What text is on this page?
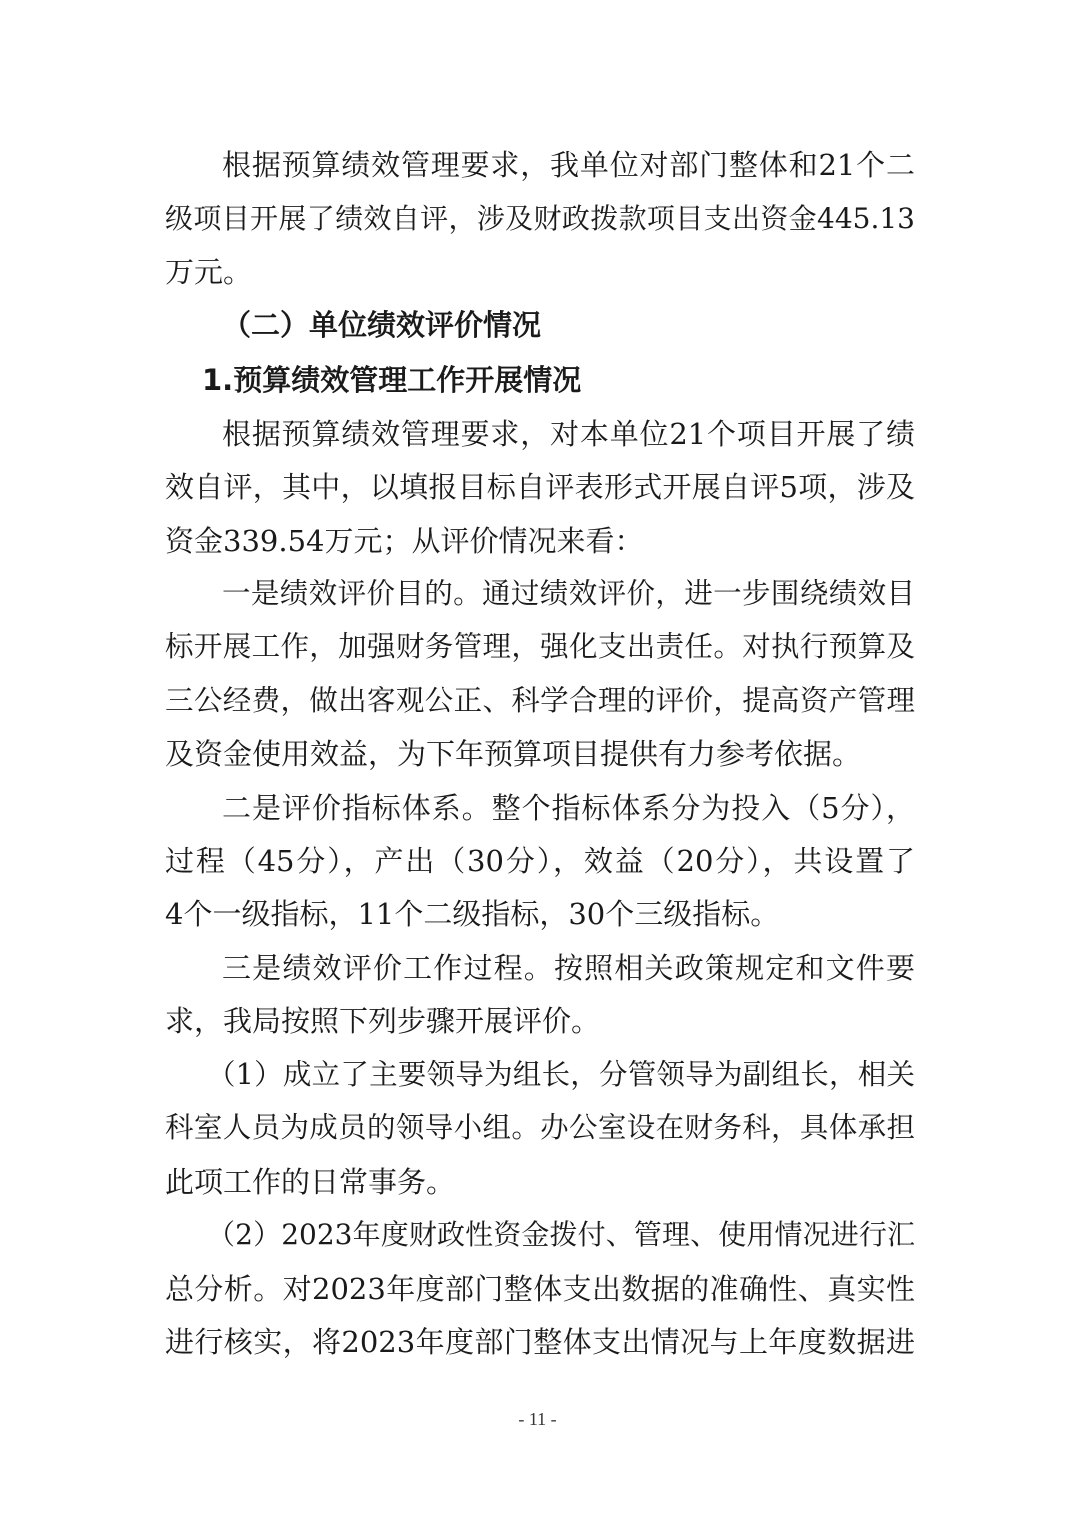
根据预算绩效管理要求，我单位对部门整体和21个二
级项目开展了绩效自评，涉及财政拨款项目支出资金445.13
万元。
（二）单位绩效评价情况
1.预算绩效管理工作开展情况
根据预算绩效管理要求，对本单位21个项目开展了绩
效自评，其中，以填报目标自评表形式开展自评5项，涉及
资金339.54万元；从评价情况来看：
一是绩效评价目的。通过绩效评价，进一步围绕绩效目
标开展工作，加强财务管理，强化支出责任。对执行预算及
三公经费，做出客观公正、科学合理的评价，提高资产管理
及资金使用效益，为下年预算项目提供有力参考依据。
二是评价指标体系。整个指标体系分为投入（5分），
过程（45分），产出（30分），效益（20分），共设置了
4个一级指标，11个二级指标，30个三级指标。
三是绩效评价工作过程。按照相关政策规定和文件要
求，我局按照下列步骤开展评价。
（1）成立了主要领导为组长，分管领导为副组长，相关
科室人员为成员的领导小组。办公室设在财务科，具体承担
此项工作的日常事务。
（2）2023年度财政性资金拨付、管理、使用情况进行汇
总分析。对2023年度部门整体支出数据的准确性、真实性
进行核实，将2023年度部门整体支出情况与上年度数据进
- 11 -
